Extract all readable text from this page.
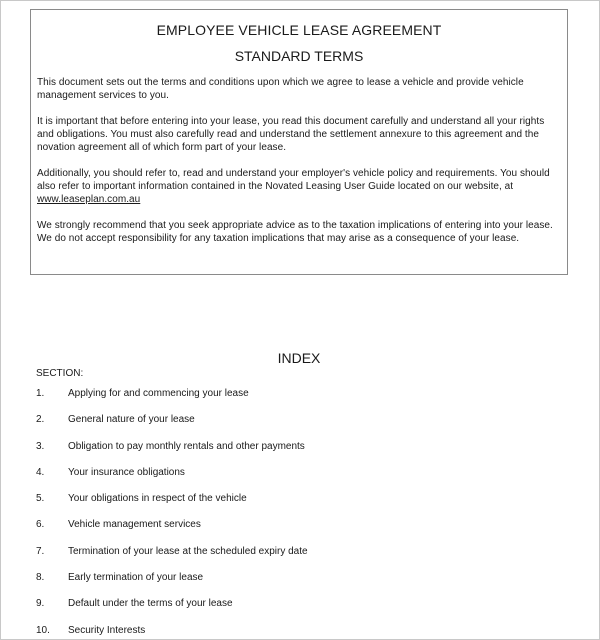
EMPLOYEE VEHICLE LEASE AGREEMENT
STANDARD TERMS

This document sets out the terms and conditions upon which we agree to lease a vehicle and provide vehicle management services to you.

It is important that before entering into your lease, you read this document carefully and understand all your rights and obligations. You must also carefully read and understand the settlement annexure to this agreement and the novation agreement all of which form part of your lease.

Additionally, you should refer to, read and understand your employer's vehicle policy and requirements. You should also refer to important information contained in the Novated Leasing User Guide located on our website, at www.leaseplan.com.au

We strongly recommend that you seek appropriate advice as to the taxation implications of entering into your lease. We do not accept responsibility for any taxation implications that may arise as a consequence of your lease.

INDEX

SECTION:

1.	Applying for and commencing your lease
2.	General nature of your lease
3.	Obligation to pay monthly rentals and other payments
4.	Your insurance obligations
5.	Your obligations in respect of the vehicle
6.	Vehicle management services
7.	Termination of your lease at the scheduled expiry date
8.	Early termination of your lease
9.	Default under the terms of your lease
10.	Security Interests
